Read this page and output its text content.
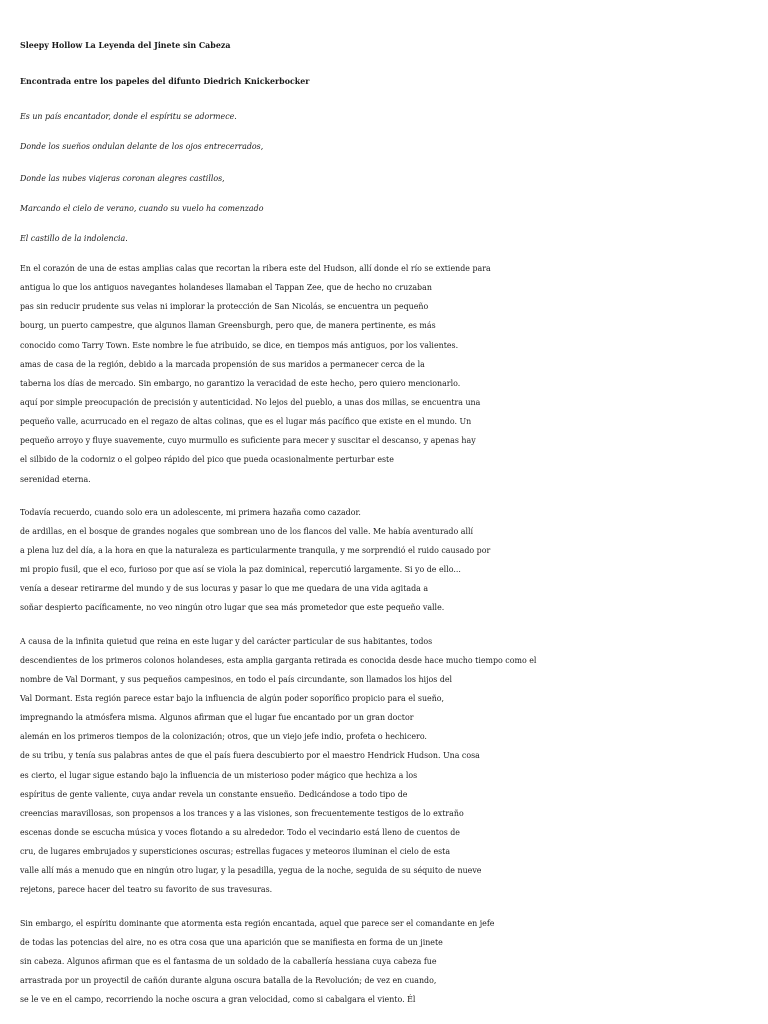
Sleepy Hollow La Leyenda del Jinete sin Cabeza
Encontrada entre los papeles del difunto Diedrich Knickerbocker

Es un país encantador, donde el espíritu se adormece.

Donde los sueños ondulan delante de los ojos entrecerrados,

Donde las nubes viajeras coronan alegres castillos,

Marcando el cielo de verano, cuando su vuelo ha comenzado

El castillo de la indolencia.

En el corazón de una de estas amplias calas que recortan la ribera este del Hudson, allí donde el río se extiende para
antigua lo que los antiguos navegantes holandeses llamaban el Tappan Zee, que de hecho no cruzaban
pas sin reducir prudente sus velas ni implorar la protección de San Nicolás, se encuentra un pequeño
bourg, un puerto campestre, que algunos llaman Greensburgh, pero que, de manera pertinente, es más
conocido como Tarry Town. Este nombre le fue atribuido, se dice, en tiempos más antiguos, por los valientes.
amas de casa de la región, debido a la marcada propensión de sus maridos a permanecer cerca de la
taberna los días de mercado. Sin embargo, no garantizo la veracidad de este hecho, pero quiero mencionarlo.
aquí por simple preocupación de precisión y autenticidad. No lejos del pueblo, a unas dos millas, se encuentra una
pequeño valle, acurrucado en el regazo de altas colinas, que es el lugar más pacífico que existe en el mundo. Un
pequeño arroyo y fluye suavemente, cuyo murmullo es suficiente para mecer y suscitar el descanso, y apenas hay
el silbido de la codorniz o el golpeo rápido del pico que pueda ocasionalmente perturbar este
serenidad eterna.
Todavía recuerdo, cuando solo era un adolescente, mi primera hazaña como cazador.
de ardillas, en el bosque de grandes nogales que sombrean uno de los flancos del valle. Me había aventurado allí
a plena luz del día, a la hora en que la naturaleza es particularmente tranquila, y me sorprendió el ruido causado por
mi propio fusil, que el eco, furioso por que así se viola la paz dominical, repercutió largamente. Si yo de ello...
venía a desear retirarme del mundo y de sus locuras y pasar lo que me quedara de una vida agitada a
soñar despierto pacíficamente, no veo ningún otro lugar que sea más prometedor que este pequeño valle.
A causa de la infinita quietud que reina en este lugar y del carácter particular de sus habitantes, todos
descendientes de los primeros colonos holandeses, esta amplia garganta retirada es conocida desde hace mucho tiempo como el
nombre de Val Dormant, y sus pequeños campesinos, en todo el país circundante, son llamados los hijos del
Val Dormant. Esta región parece estar bajo la influencia de algún poder soporífico propicio para el sueño,
impregnando la atmósfera misma. Algunos afirman que el lugar fue encantado por un gran doctor
alemán en los primeros tiempos de la colonización; otros, que un viejo jefe indio, profeta o hechicero.
de su tribu, y tenía sus palabras antes de que el país fuera descubierto por el maestro Hendrick Hudson. Una cosa
es cierto, el lugar sigue estando bajo la influencia de un misterioso poder mágico que hechiza a los
espíritus de gente valiente, cuya andar revela un constante ensueño. Dedicándose a todo tipo de
creencias maravillosas, son propensos a los trances y a las visiones, son frecuentemente testigos de lo extraño
escenas donde se escucha música y voces flotando a su alrededor. Todo el vecindario está lleno de cuentos de
cru, de lugares embrujados y supersticiones oscuras; estrellas fugaces y meteoros iluminan el cielo de esta
valle allí más a menudo que en ningún otro lugar, y la pesadilla, yegua de la noche, seguida de su séquito de nueve
rejetons, parece hacer del teatro su favorito de sus travesuras.
Sin embargo, el espíritu dominante que atormenta esta región encantada, aquel que parece ser el comandante en jefe
de todas las potencias del aire, no es otra cosa que una aparición que se manifiesta en forma de un jinete
sin cabeza. Algunos afirman que es el fantasma de un soldado de la caballería hessiana cuya cabeza fue
arrastrada por un proyectil de cañón durante alguna oscura batalla de la Revolución; de vez en cuando,
se le ve en el campo, recorriendo la noche oscura a gran velocidad, como si cabalgara el viento. Él
